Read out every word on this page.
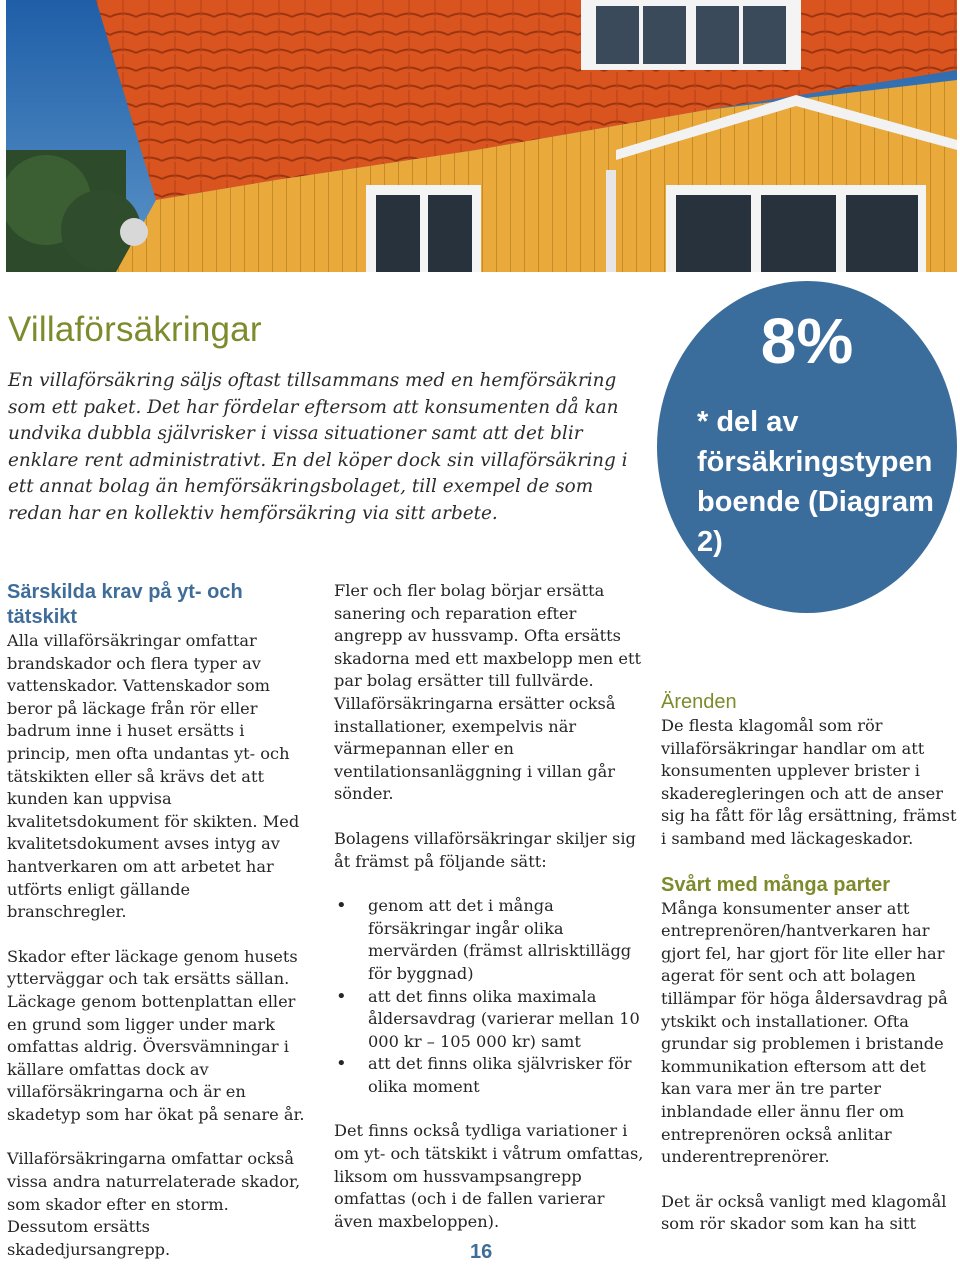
Villaförsäkringar

En villaförsäkring säljs oftast tillsammans med en hemförsäkring som ett paket. Det har fördelar eftersom att konsumenten då kan undvika dubbla självrisker i vissa situationer samt att det blir enklare rent administrativt. En del köper dock sin villaförsäkring i ett annat bolag än hemförsäkringsbolaget, till exempel de som redan har en kollektiv hemförsäkring via sitt arbete.

8%
* del av försäkringstypen boende (Diagram 2)
Särskilda krav på yt- och tätskikt

Alla villaförsäkringar omfattar brandskador och flera typer av vattenskador. Vattenskador som beror på läckage från rör eller badrum inne i huset ersätts i princip, men ofta undantas yt- och tätskikten eller så krävs det att kunden kan uppvisa kvalitetsdokument för skikten. Med kvalitetsdokument avses intyg av hantverkaren om att arbetet har utförts enligt gällande branschregler.

Skador efter läckage genom husets ytterväggar och tak ersätts sällan. Läckage genom bottenplattan eller en grund som ligger under mark omfattas aldrig. Översvämningar i källare omfattas dock av villaförsäkringarna och är en skadetyp som har ökat på senare år.

Villaförsäkringarna omfattar också vissa andra naturrelaterade skador, som skador efter en storm. Dessutom ersätts skadedjursangrepp.

Fler och fler bolag börjar ersätta sanering och reparation efter angrepp av hussvamp. Ofta ersätts skadorna med ett maxbelopp men ett par bolag ersätter till fullvärde. Villaförsäkringarna ersätter också installationer, exempelvis när värmepannan eller en ventilationsanläggning i villan går sönder.

Bolagens villaförsäkringar skiljer sig åt främst på följande sätt:

• genom att det i många försäkringar ingår olika mervärden (främst allrisktillägg för byggnad)
• att det finns olika maximala åldersavdrag (varierar mellan 10 000 kr – 105 000 kr) samt
• att det finns olika självrisker för olika moment

Det finns också tydliga variationer i om yt- och tätskikt i våtrum omfattas, liksom om hussvampsangrepp omfattas (och i de fallen varierar även maxbeloppen).

Ärenden

De flesta klagomål som rör villaförsäkringar handlar om att konsumenten upplever brister i skaderegleringen och att de anser sig ha fått för låg ersättning, främst i samband med läckageskador.

Svårt med många parter

Många konsumenter anser att entreprenören/hantverkaren har gjort fel, har gjort för lite eller har agerat för sent och att bolagen tillämpar för höga åldersavdrag på ytskikt och installationer. Ofta grundar sig problemen i bristande kommunikation eftersom att det kan vara mer än tre parter inblandade eller ännu fler om entreprenören också anlitar underentreprenörer.

Det är också vanligt med klagomål som rör skador som kan ha sitt

16
